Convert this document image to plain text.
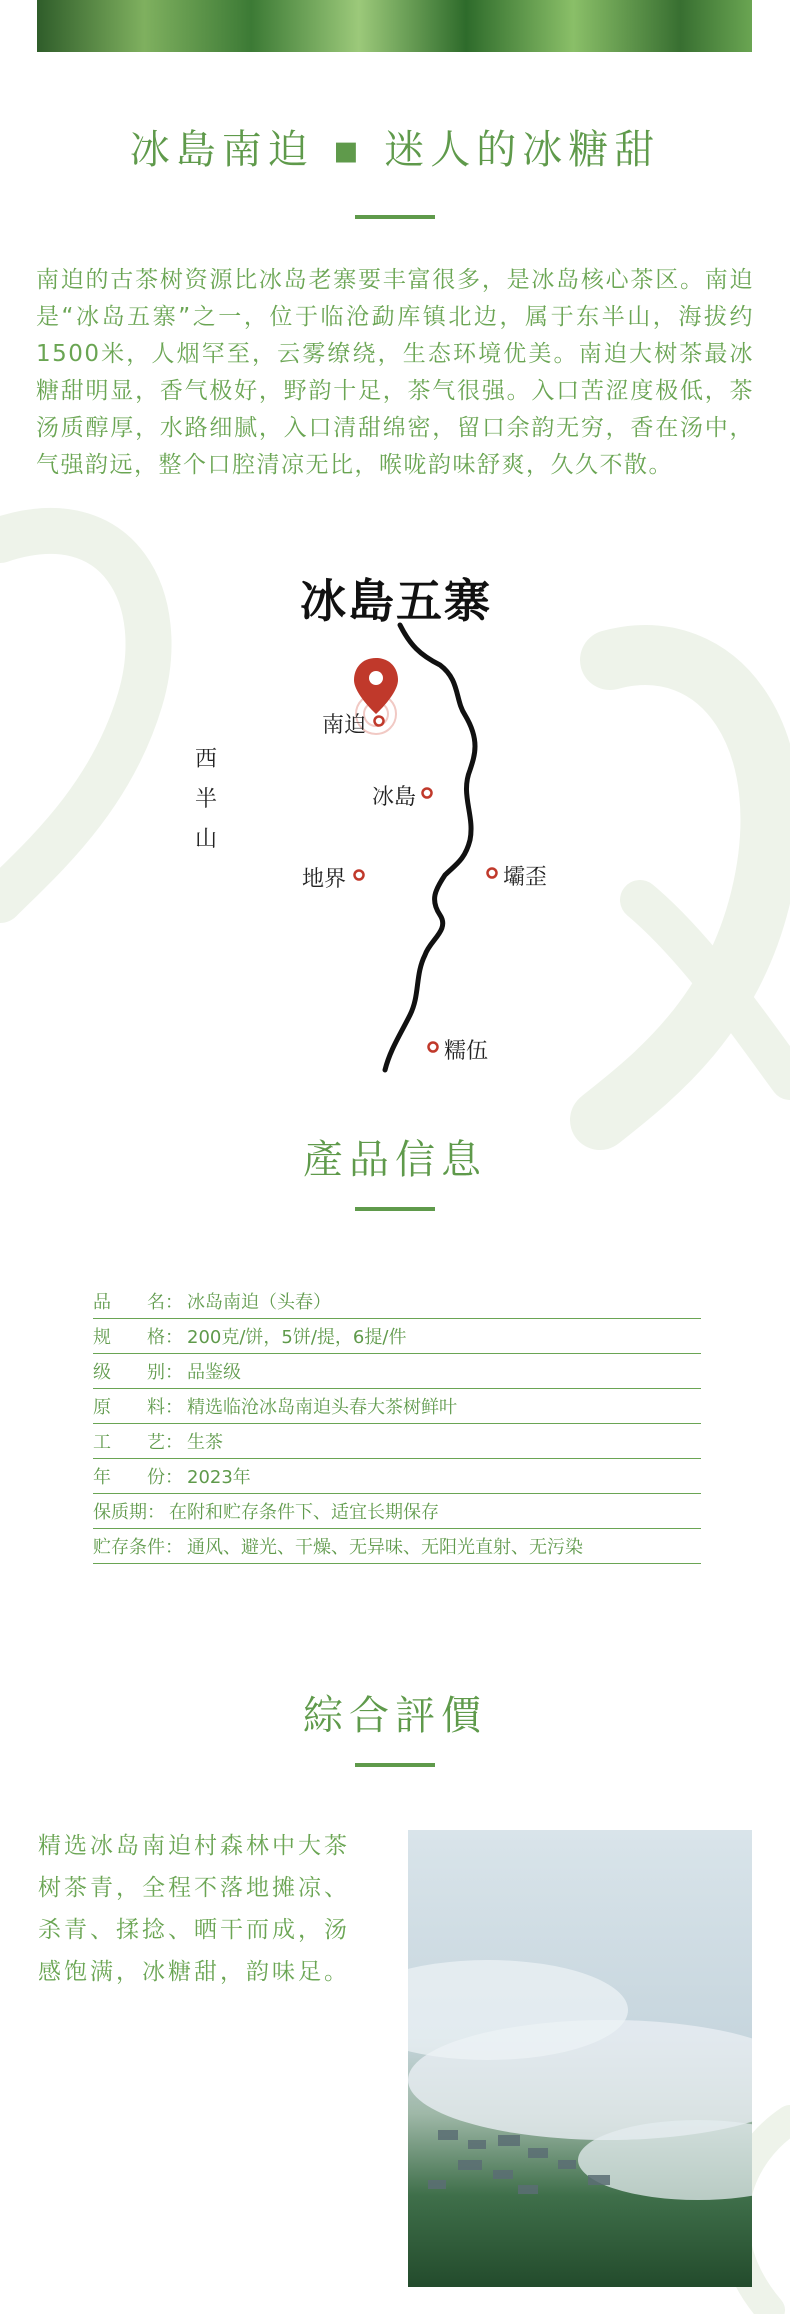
冰島南迫 ▪ 迷人的冰糖甜
南迫的古茶树资源比冰岛老寨要丰富很多，是冰岛核心茶区。南迫是“冰岛五寨”之一，位于临沧勐库镇北边，属于东半山，海拔约1500米，人烟罕至，云雾缭绕，生态环境优美。南迫大树茶最冰糖甜明显，香气极好，野韵十足，茶气很强。入口苦涩度极低，茶汤质醇厚，水路细腻，入口清甜绵密，留口余韵无穷，香在汤中，气强韵远，整个口腔清凉无比，喉咙韵味舒爽，久久不散。
冰島五寨
西
半
山
南迫
冰島
地界	壩歪
糯伍
產品信息
品　　名： 冰岛南迫（头春）
规　　格： 200克/饼，5饼/提，6提/件
级　　别： 品鉴级
原　　料： 精选临沧冰岛南迫头春大茶树鲜叶
工　　艺： 生茶
年　　份： 2023年
保质期： 在附和贮存条件下、适宜长期保存
贮存条件： 通风、避光、干燥、无异味、无阳光直射、无污染
綜合評價
精选冰岛南迫村森林中大茶树茶青，全程不落地摊凉、杀青、揉捻、晒干而成，汤感饱满，冰糖甜，韵味足。
